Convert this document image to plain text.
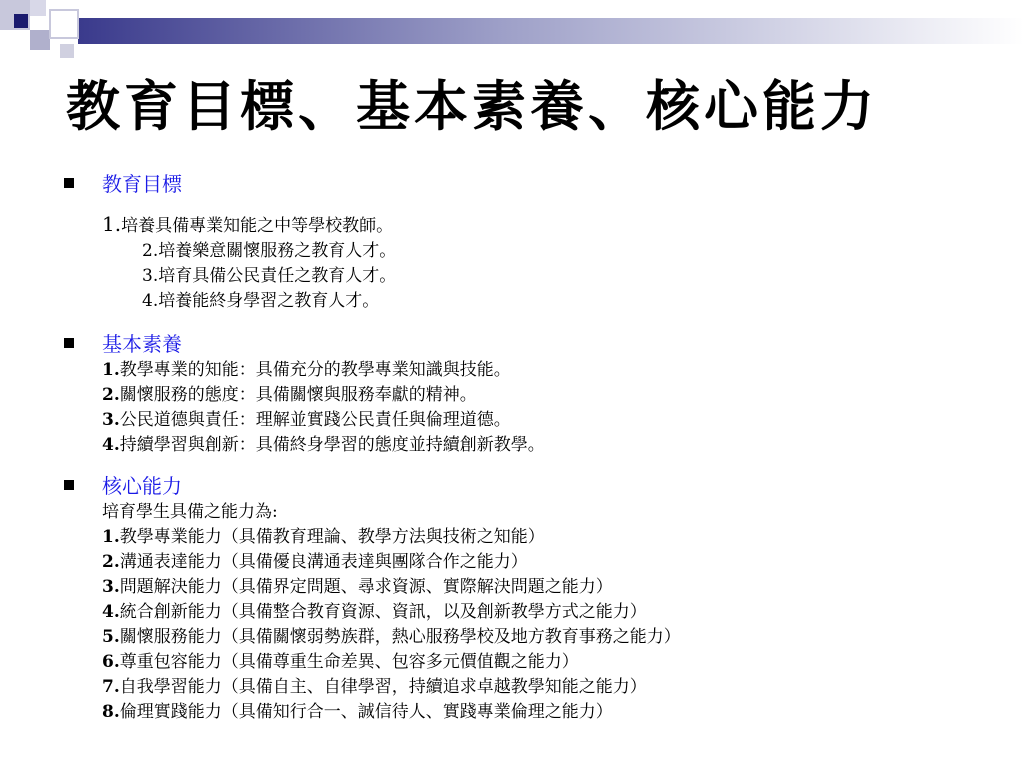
教育目標、基本素養、核心能力
教育目標
1.培養具備專業知能之中等學校教師。
2.培養樂意關懷服務之教育人才。
3.培育具備公民責任之教育人才。
4.培養能終身學習之教育人才。
基本素養
1.教學專業的知能：具備充分的教學專業知識與技能。
2.關懷服務的態度：具備關懷與服務奉獻的精神。
3.公民道德與責任：理解並實踐公民責任與倫理道德。
4.持續學習與創新：具備終身學習的態度並持續創新教學。
核心能力
培育學生具備之能力為:
1.教學專業能力（具備教育理論、教學方法與技術之知能）
2.溝通表達能力（具備優良溝通表達與團隊合作之能力）
3.問題解決能力（具備界定問題、尋求資源、實際解決問題之能力）
4.統合創新能力（具備整合教育資源、資訊，以及創新教學方式之能力）
5.關懷服務能力（具備關懷弱勢族群，熱心服務學校及地方教育事務之能力）
6.尊重包容能力（具備尊重生命差異、包容多元價值觀之能力）
7.自我學習能力（具備自主、自律學習，持續追求卓越教學知能之能力）
8.倫理實踐能力（具備知行合一、誠信待人、實踐專業倫理之能力）
